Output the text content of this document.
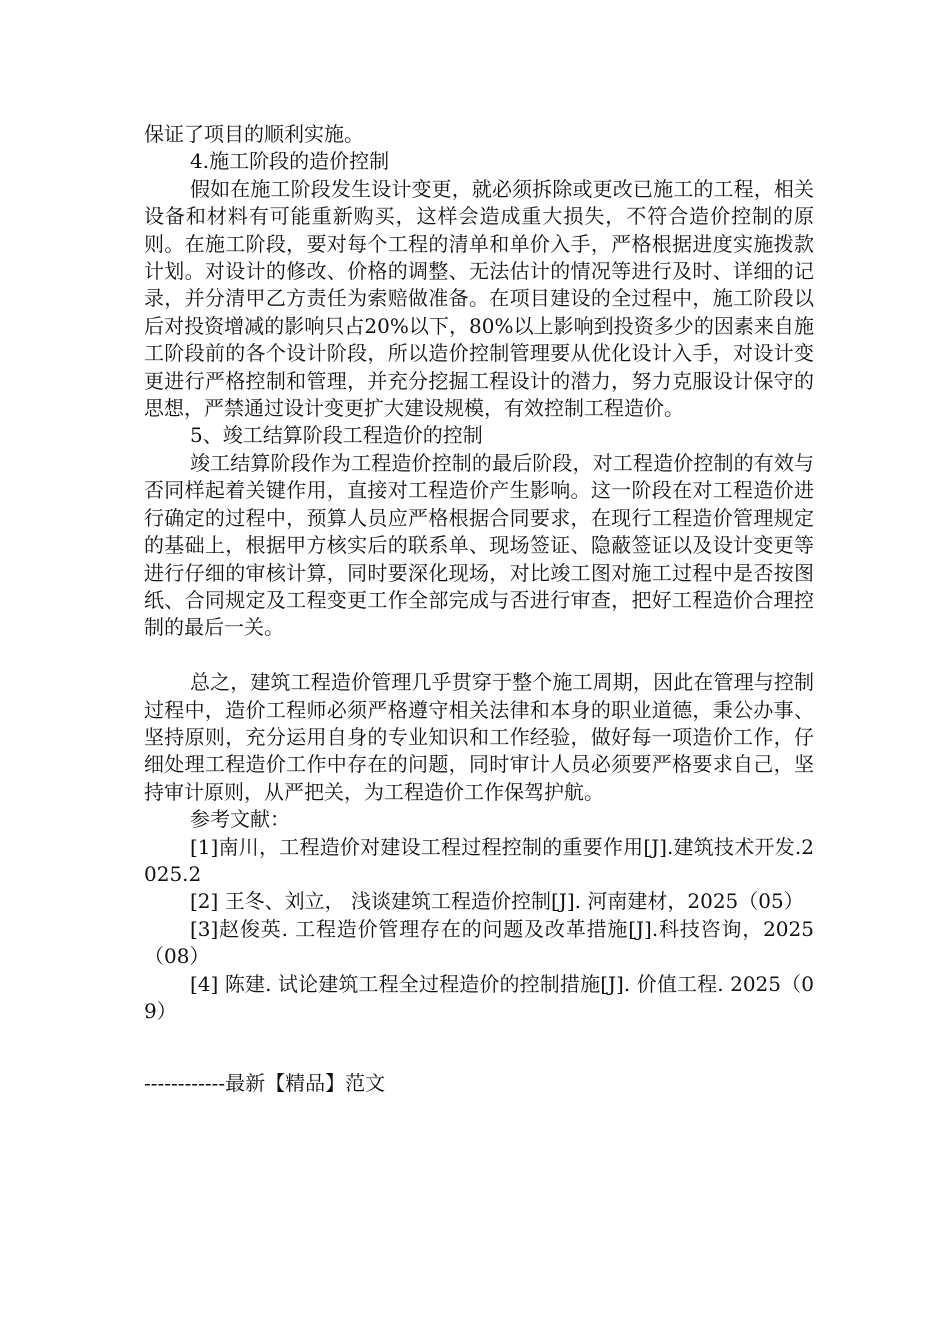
保证了项目的顺利实施。

4.施工阶段的造价控制

假如在施工阶段发生设计变更，就必须拆除或更改已施工的工程，相关设备和材料有可能重新购买，这样会造成重大损失，不符合造价控制的原则。在施工阶段，要对每个工程的清单和单价入手，严格根据进度实施拨款计划。对设计的修改、价格的调整、无法估计的情况等进行及时、详细的记录，并分清甲乙方责任为索赔做准备。在项目建设的全过程中，施工阶段以后对投资增减的影响只占20%以下，80%以上影响到投资多少的因素来自施工阶段前的各个设计阶段，所以造价控制管理要从优化设计入手，对设计变更进行严格控制和管理，并充分挖掘工程设计的潜力，努力克服设计保守的思想，严禁通过设计变更扩大建设规模，有效控制工程造价。

5、竣工结算阶段工程造价的控制

竣工结算阶段作为工程造价控制的最后阶段，对工程造价控制的有效与否同样起着关键作用，直接对工程造价产生影响。这一阶段在对工程造价进行确定的过程中，预算人员应严格根据合同要求，在现行工程造价管理规定的基础上，根据甲方核实后的联系单、现场签证、隐蔽签证以及设计变更等进行仔细的审核计算，同时要深化现场，对比竣工图对施工过程中是否按图纸、合同规定及工程变更工作全部完成与否进行审查，把好工程造价合理控制的最后一关。

总之，建筑工程造价管理几乎贯穿于整个施工周期，因此在管理与控制过程中，造价工程师必须严格遵守相关法律和本身的职业道德，秉公办事、坚持原则，充分运用自身的专业知识和工作经验，做好每一项造价工作，仔细处理工程造价工作中存在的问题，同时审计人员必须要严格要求自己，坚持审计原则，从严把关，为工程造价工作保驾护航。

参考文献：

[1]南川，工程造价对建设工程过程控制的重要作用[J].建筑技术开发.2025.2

[2] 王冬、刘立， 浅谈建筑工程造价控制[J]. 河南建材，2025（05）

[3]赵俊英. 工程造价管理存在的问题及改革措施[J].科技咨询，2025（08）

[4] 陈建. 试论建筑工程全过程造价的控制措施[J]. 价值工程. 2025（09）

------------最新【精品】范文
